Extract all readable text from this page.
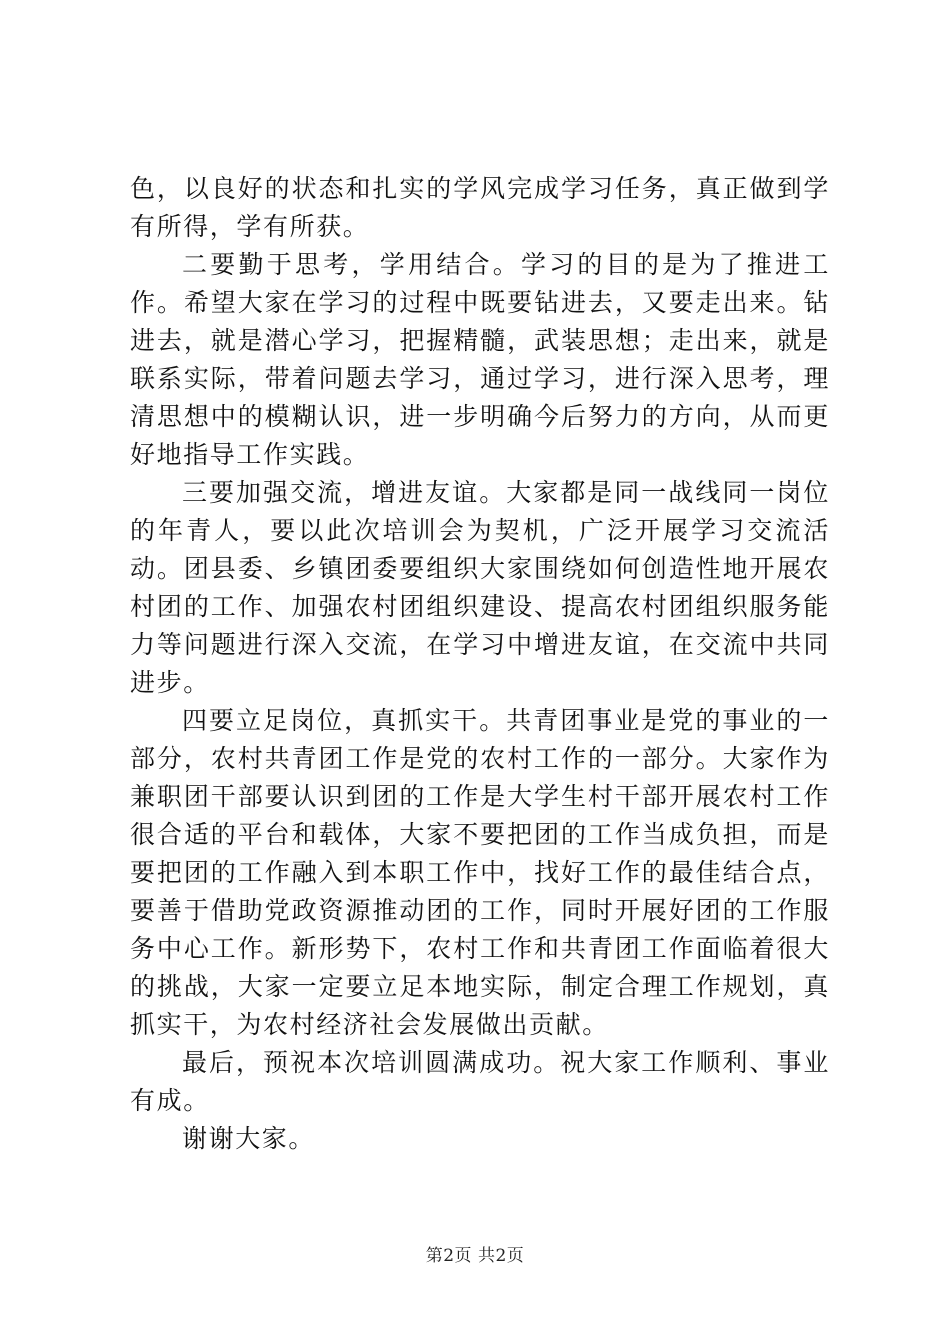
色，以良好的状态和扎实的学风完成学习任务，真正做到学有所得，学有所获。

二要勤于思考，学用结合。学习的目的是为了推进工作。希望大家在学习的过程中既要钻进去，又要走出来。钻进去，就是潜心学习，把握精髓，武装思想；走出来，就是联系实际，带着问题去学习，通过学习，进行深入思考，理清思想中的模糊认识，进一步明确今后努力的方向，从而更好地指导工作实践。

三要加强交流，增进友谊。大家都是同一战线同一岗位的年青人，要以此次培训会为契机，广泛开展学习交流活动。团县委、乡镇团委要组织大家围绕如何创造性地开展农村团的工作、加强农村团组织建设、提高农村团组织服务能力等问题进行深入交流，在学习中增进友谊，在交流中共同进步。

四要立足岗位，真抓实干。共青团事业是党的事业的一部分，农村共青团工作是党的农村工作的一部分。大家作为兼职团干部要认识到团的工作是大学生村干部开展农村工作很合适的平台和载体，大家不要把团的工作当成负担，而是要把团的工作融入到本职工作中，找好工作的最佳结合点，要善于借助党政资源推动团的工作，同时开展好团的工作服务中心工作。新形势下，农村工作和共青团工作面临着很大的挑战，大家一定要立足本地实际，制定合理工作规划，真抓实干，为农村经济社会发展做出贡献。

最后，预祝本次培训圆满成功。祝大家工作顺利、事业有成。

谢谢大家。

第2页 共2页
